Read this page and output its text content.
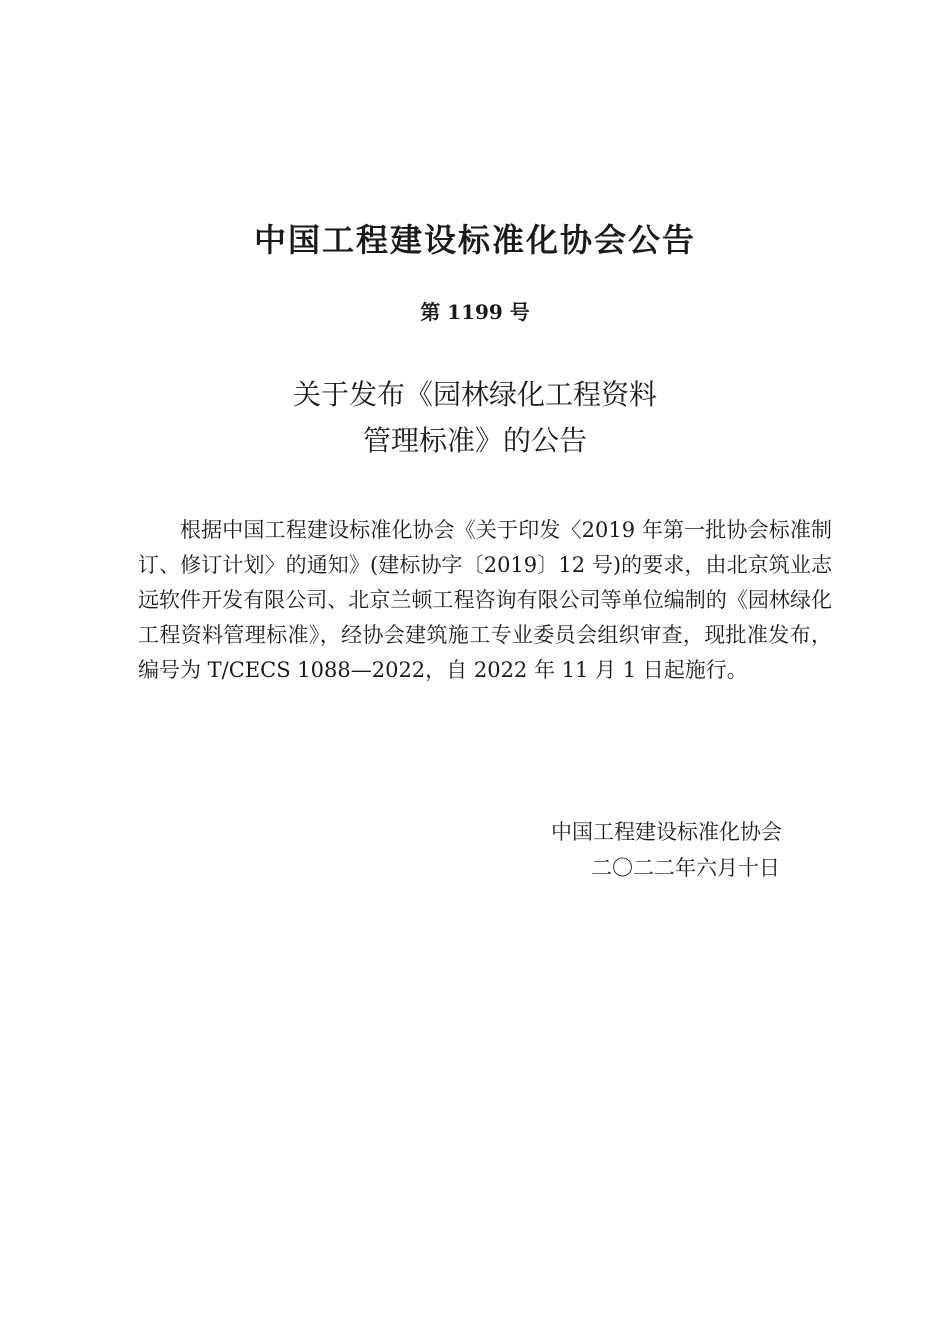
中国工程建设标准化协会公告
第 1199 号
关于发布《园林绿化工程资料
管理标准》的公告

根据中国工程建设标准化协会《关于印发〈2019 年第一批协会标准制订、修订计划〉的通知》(建标协字〔2019〕12 号)的要求，由北京筑业志远软件开发有限公司、北京兰顿工程咨询有限公司等单位编制的《园林绿化工程资料管理标准》，经协会建筑施工专业委员会组织审查，现批准发布，编号为 T/CECS 1088—2022，自 2022 年 11 月 1 日起施行。

中国工程建设标准化协会
二〇二二年六月十日
